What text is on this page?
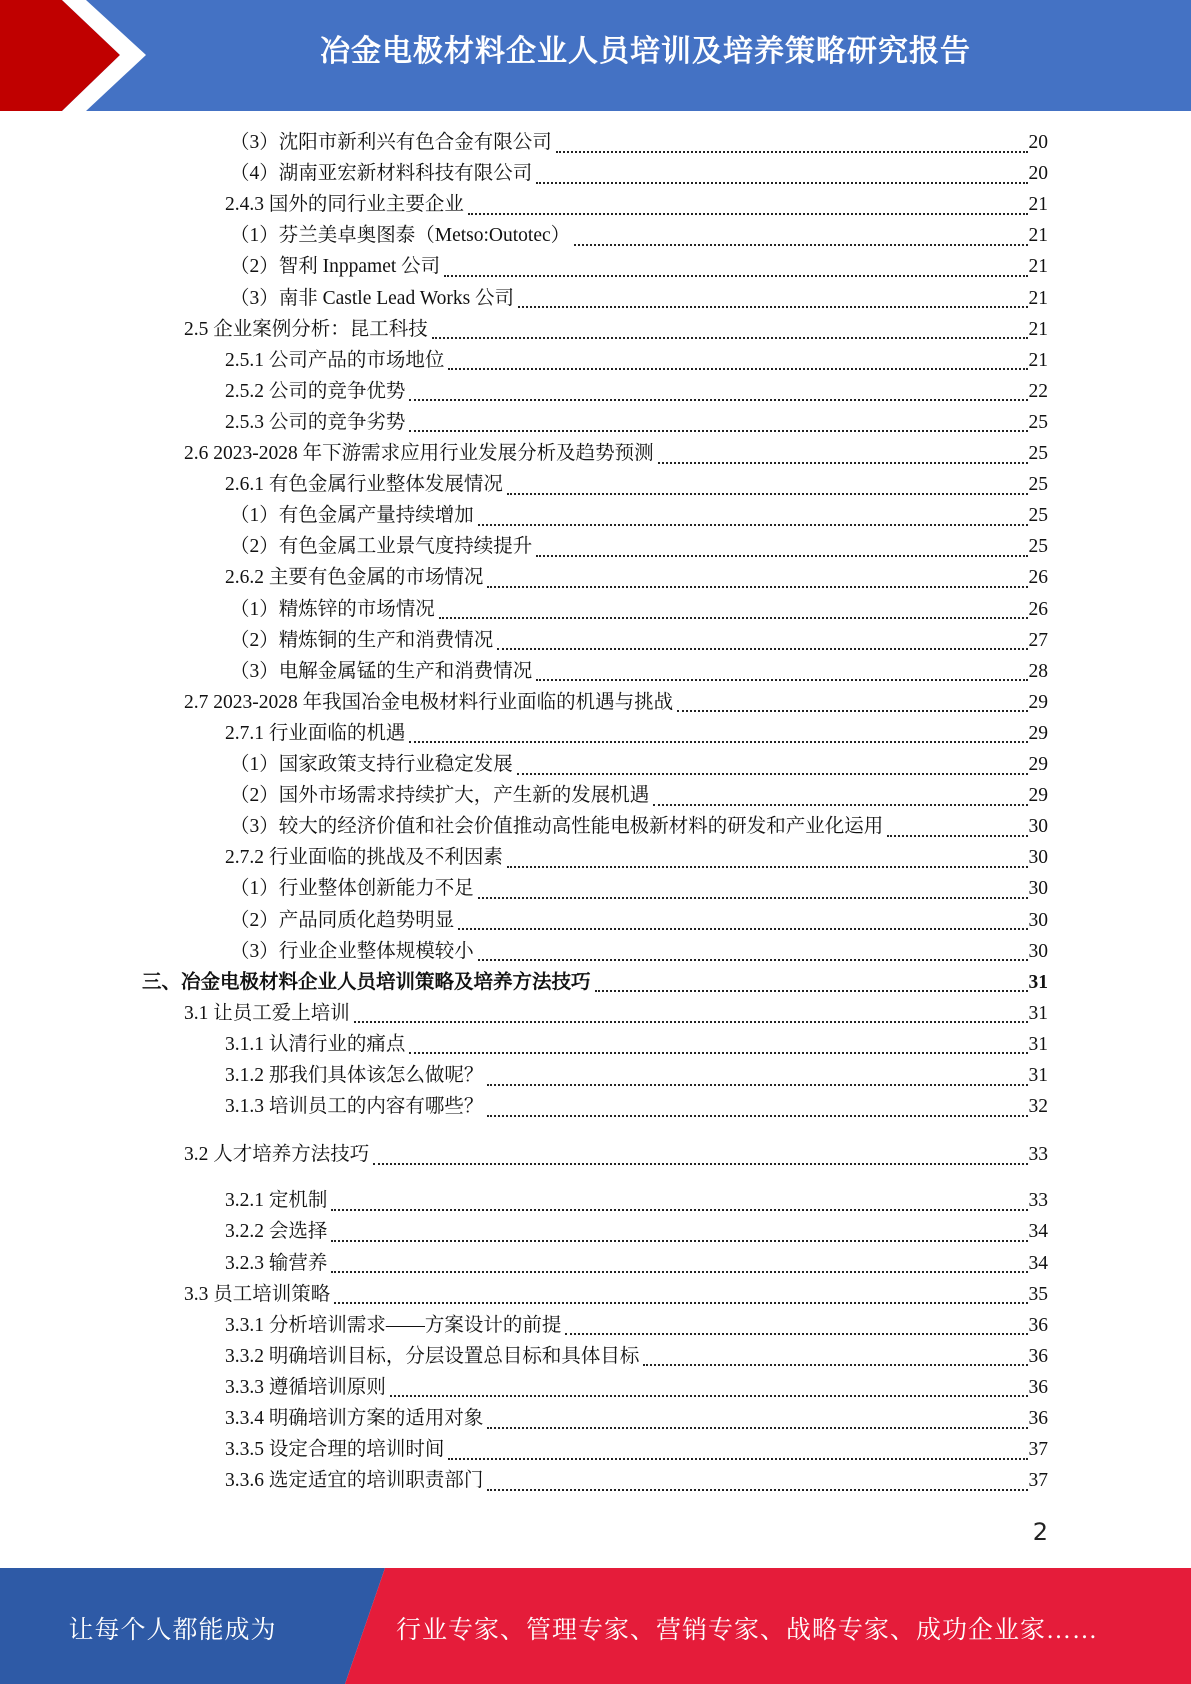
冶金电极材料企业人员培训及培养策略研究报告
（3）沈阳市新利兴有色合金有限公司	20
（4）湖南亚宏新材料科技有限公司	20
2.4.3 国外的同行业主要企业	21
（1）芬兰美卓奥图泰（Metso:Outotec）	21
（2）智利 Inppamet 公司	21
（3）南非 Castle Lead Works 公司	21
2.5 企业案例分析：昆工科技	21
2.5.1 公司产品的市场地位	21
2.5.2 公司的竞争优势	22
2.5.3 公司的竞争劣势	25
2.6 2023-2028 年下游需求应用行业发展分析及趋势预测	25
2.6.1 有色金属行业整体发展情况	25
（1）有色金属产量持续增加	25
（2）有色金属工业景气度持续提升	25
2.6.2 主要有色金属的市场情况	26
（1）精炼锌的市场情况	26
（2）精炼铜的生产和消费情况	27
（3）电解金属锰的生产和消费情况	28
2.7 2023-2028 年我国冶金电极材料行业面临的机遇与挑战	29
2.7.1 行业面临的机遇	29
（1）国家政策支持行业稳定发展	29
（2）国外市场需求持续扩大，产生新的发展机遇	29
（3）较大的经济价值和社会价值推动高性能电极新材料的研发和产业化运用	30
2.7.2 行业面临的挑战及不利因素	30
（1）行业整体创新能力不足	30
（2）产品同质化趋势明显	30
（3）行业企业整体规模较小	30
三、冶金电极材料企业人员培训策略及培养方法技巧	31
3.1 让员工爱上培训	31
3.1.1 认清行业的痛点	31
3.1.2 那我们具体该怎么做呢？	31
3.1.3 培训员工的内容有哪些？	32
3.2 人才培养方法技巧	33
3.2.1 定机制	33
3.2.2 会选择	34
3.2.3 输营养	34
3.3 员工培训策略	35
3.3.1 分析培训需求——方案设计的前提	36
3.3.2 明确培训目标，分层设置总目标和具体目标	36
3.3.3 遵循培训原则	36
3.3.4 明确培训方案的适用对象	36
3.3.5 设定合理的培训时间	37
3.3.6 选定适宜的培训职责部门	37
2
让每个人都能成为	行业专家、管理专家、营销专家、战略专家、成功企业家……
